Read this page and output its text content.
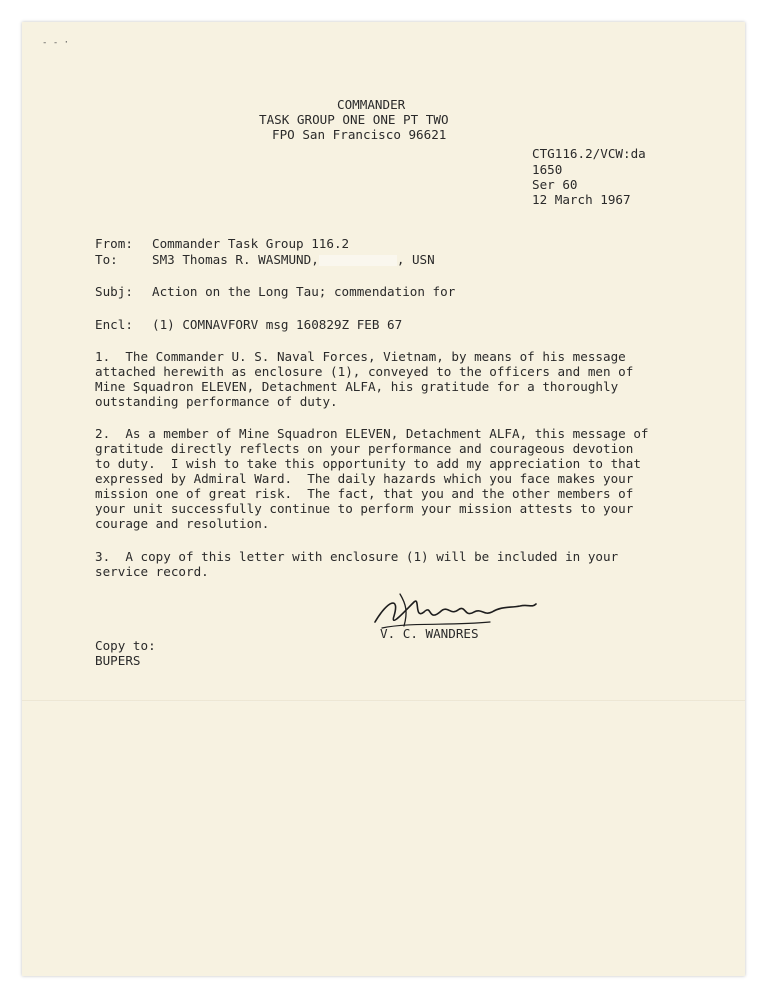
- - ·
COMMANDER
TASK GROUP ONE ONE PT TWO
FPO San Francisco 96621
CTG116.2/VCW:da
1650
Ser 60
12 March 1967
From: Commander Task Group 116.2
To:	SM3 Thomas R. WASMUND,	, USN
Subj: Action on the Long Tau; commendation for
Encl: (1) COMNAVFORV msg 160829Z FEB 67
1.  The Commander U. S. Naval Forces, Vietnam, by means of his message
attached herewith as enclosure (1), conveyed to the officers and men of
Mine Squadron ELEVEN, Detachment ALFA, his gratitude for a thoroughly
outstanding performance of duty.
2.  As a member of Mine Squadron ELEVEN, Detachment ALFA, this message of
gratitude directly reflects on your performance and courageous devotion
to duty.  I wish to take this opportunity to add my appreciation to that
expressed by Admiral Ward.  The daily hazards which you face makes your
mission one of great risk.  The fact, that you and the other members of
your unit successfully continue to perform your mission attests to your
courage and resolution.
3.  A copy of this letter with enclosure (1) will be included in your
service record.
V. C. WANDRES
Copy to:
BUPERS
